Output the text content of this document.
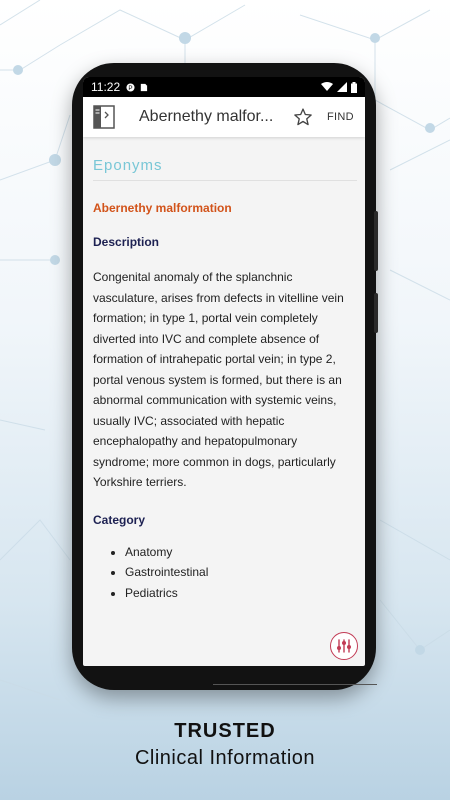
11:22 P
Abernethy malfor...	FIND
Eponyms
Abernethy malformation
Description
Congenital anomaly of the splanchnic vasculature, arises from defects in vitelline vein formation; in type 1, portal vein completely diverted into IVC and complete absence of formation of intrahepatic portal vein; in type 2, portal venous system is formed, but there is an abnormal communication with systemic veins, usually IVC; associated with hepatic encephalopathy and hepatopulmonary syndrome; more common in dogs, particularly Yorkshire terriers.
Category
• Anatomy
• Gastrointestinal
• Pediatrics
TRUSTED
Clinical Information
